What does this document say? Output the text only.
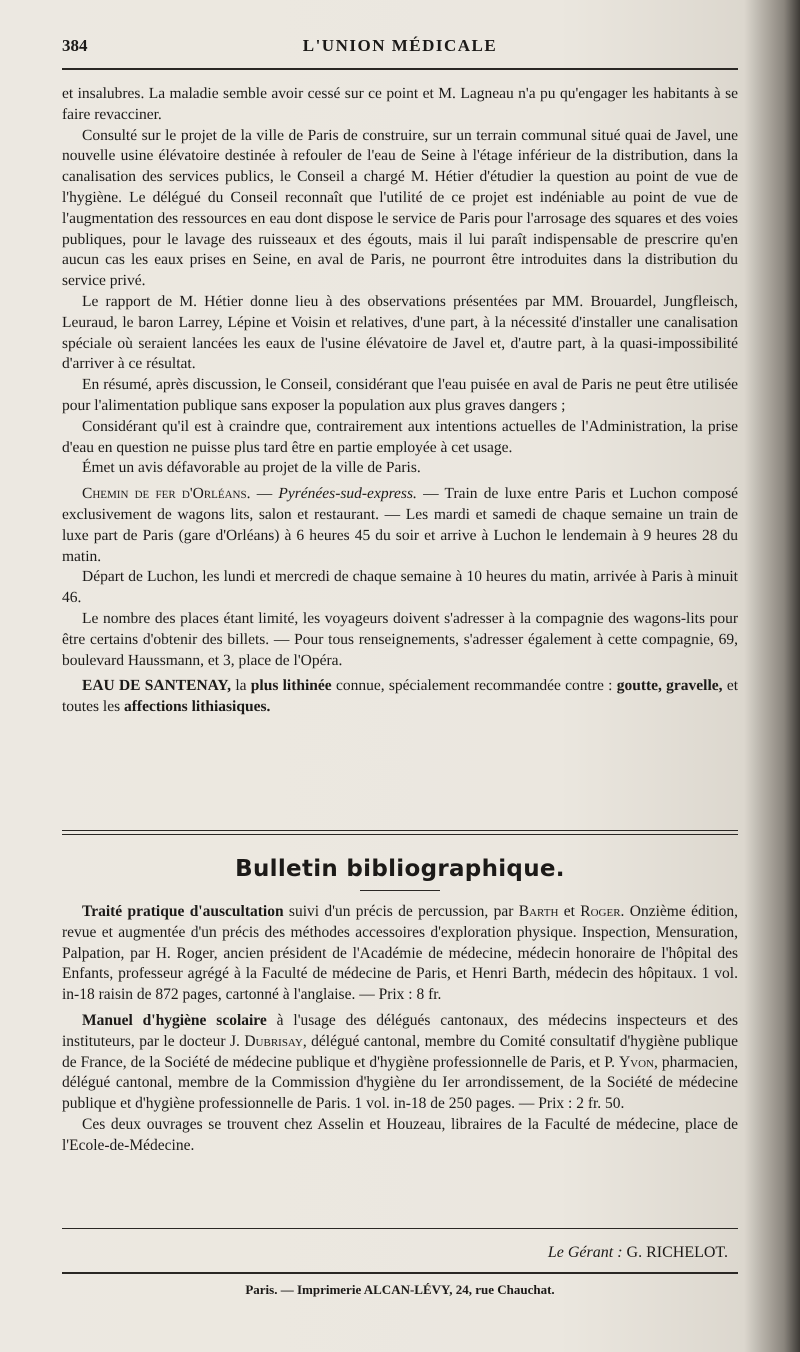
384	L'UNION MÉDICALE

et insalubres. La maladie semble avoir cessé sur ce point et M. Lagneau n'a pu qu'engager les habitants à se faire revacciner.

Consulté sur le projet de la ville de Paris de construire, sur un terrain communal situé quai de Javel, une nouvelle usine élévatoire destinée à refouler de l'eau de Seine à l'étage inférieur de la distribution, dans la canalisation des services publics, le Conseil a chargé M. Hétier d'étudier la question au point de vue de l'hygiène. Le délégué du Conseil reconnaît que l'utilité de ce projet est indéniable au point de vue de l'augmentation des ressources en eau dont dispose le service de Paris pour l'arrosage des squares et des voies publiques, pour le lavage des ruisseaux et des égouts, mais il lui paraît indispensable de prescrire qu'en aucun cas les eaux prises en Seine, en aval de Paris, ne pourront être introduites dans la distribution du service privé.

Le rapport de M. Hétier donne lieu à des observations présentées par MM. Brouardel, Jungfleisch, Leuraud, le baron Larrey, Lépine et Voisin et relatives, d'une part, à la nécessité d'installer une canalisation spéciale où seraient lancées les eaux de l'usine élévatoire de Javel et, d'autre part, à la quasi-impossibilité d'arriver à ce résultat.

En résumé, après discussion, le Conseil, considérant que l'eau puisée en aval de Paris ne peut être utilisée pour l'alimentation publique sans exposer la population aux plus graves dangers ;

Considérant qu'il est à craindre que, contrairement aux intentions actuelles de l'Administration, la prise d'eau en question ne puisse plus tard être en partie employée à cet usage.

Émet un avis défavorable au projet de la ville de Paris.

Chemin de fer d'Orléans. — Pyrénées-sud-express. — Train de luxe entre Paris et Luchon composé exclusivement de wagons lits, salon et restaurant. — Les mardi et samedi de chaque semaine un train de luxe part de Paris (gare d'Orléans) à 6 heures 45 du soir et arrive à Luchon le lendemain à 9 heures 28 du matin.

Départ de Luchon, les lundi et mercredi de chaque semaine à 10 heures du matin, arrivée à Paris à minuit 46.

Le nombre des places étant limité, les voyageurs doivent s'adresser à la compagnie des wagons-lits pour être certains d'obtenir des billets. — Pour tous renseignements, s'adresser également à cette compagnie, 69, boulevard Haussmann, et 3, place de l'Opéra.

EAU DE SANTENAY, la plus lithinée connue, spécialement recommandée contre : goutte, gravelle, et toutes les affections lithiasiques.

Bulletin bibliographique.

Traité pratique d'auscultation suivi d'un précis de percussion, par Barth et Roger. Onzième édition, revue et augmentée d'un précis des méthodes accessoires d'exploration physique. Inspection, Mensuration, Palpation, par H. Roger, ancien président de l'Académie de médecine, médecin honoraire de l'hôpital des Enfants, professeur agrégé à la Faculté de médecine de Paris, et Henri Barth, médecin des hôpitaux. 1 vol. in-18 raisin de 872 pages, cartonné à l'anglaise. — Prix : 8 fr.

Manuel d'hygiène scolaire à l'usage des délégués cantonaux, des médecins inspecteurs et des instituteurs, par le docteur J. Dubrisay, délégué cantonal, membre du Comité consultatif d'hygiène publique de France, de la Société de médecine publique et d'hygiène professionnelle de Paris, et P. Yvon, pharmacien, délégué cantonal, membre de la Commission d'hygiène du Ier arrondissement, de la Société de médecine publique et d'hygiène professionnelle de Paris. 1 vol. in-18 de 250 pages. — Prix : 2 fr. 50.

Ces deux ouvrages se trouvent chez Asselin et Houzeau, libraires de la Faculté de médecine, place de l'Ecole-de-Médecine.

Le Gérant : G. RICHELOT.
Paris. — Imprimerie ALCAN-LÉVY, 24, rue Chauchat.
